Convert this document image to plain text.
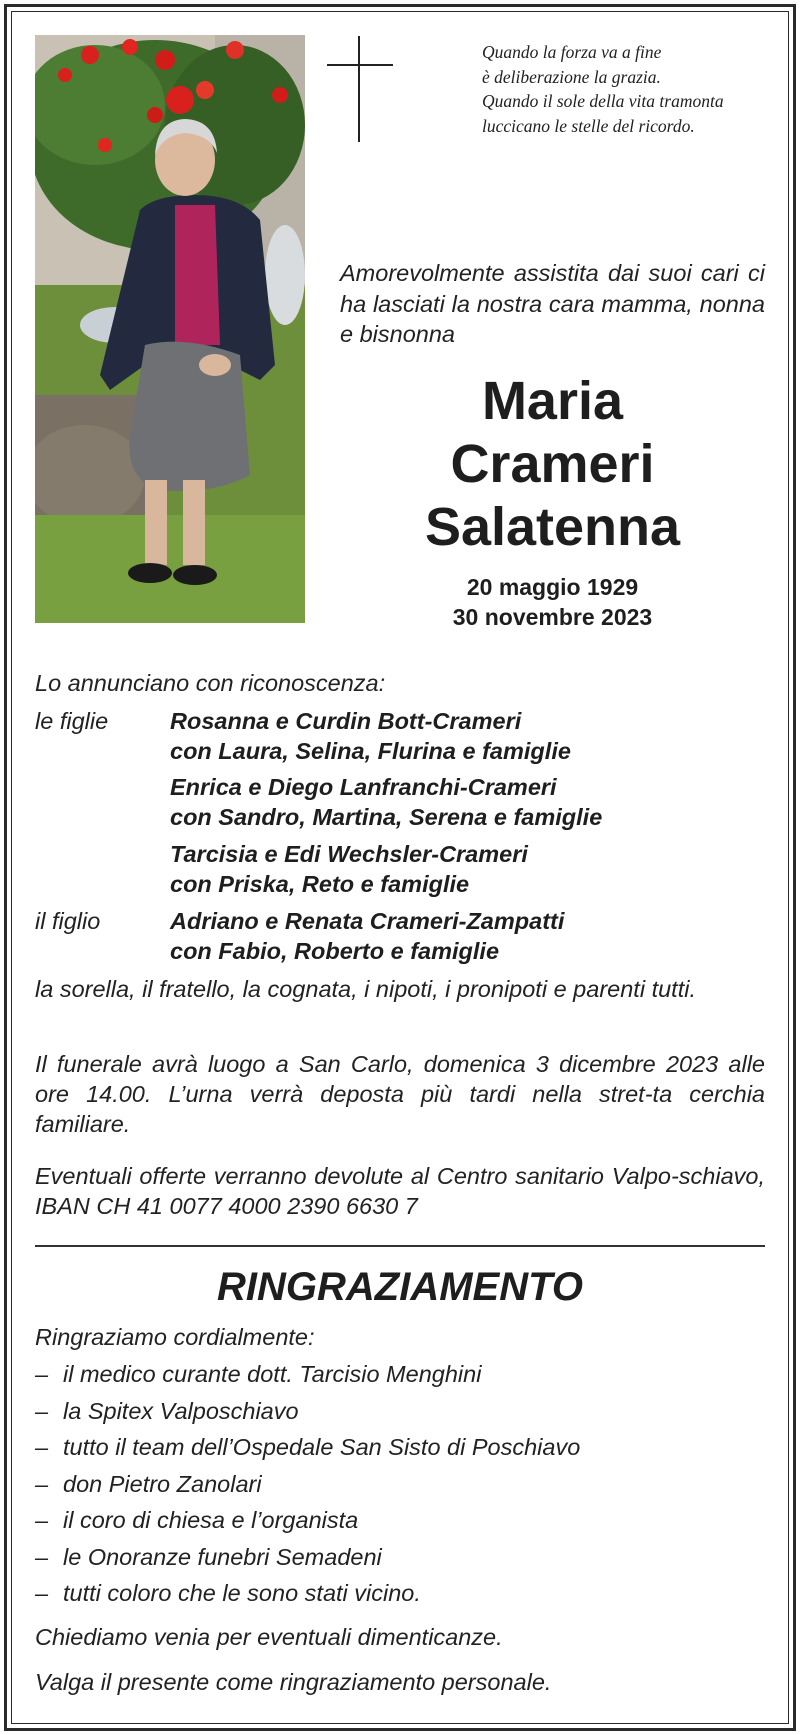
Quando la forza va a fine
è deliberazione la grazia.
Quando il sole della vita tramonta
luccicano le stelle del ricordo.
Amorevolmente assistita dai suoi cari ci ha lasciati la nostra cara mamma, nonna e bisnonna
Maria
Crameri
Salatenna
20 maggio 1929
30 novembre 2023
Lo annunciano con riconoscenza:
le figlie	Rosanna e Curdin Bott-Crameri
con Laura, Selina, Flurina e famiglie
Enrica e Diego Lanfranchi-Crameri
con Sandro, Martina, Serena e famiglie
Tarcisia e Edi Wechsler-Crameri
con Priska, Reto e famiglie
il figlio	Adriano e Renata Crameri-Zampatti
con Fabio, Roberto e famiglie
la sorella, il fratello, la cognata, i nipoti, i pronipoti e parenti tutti.
Il funerale avrà luogo a San Carlo, domenica 3 dicembre 2023 alle ore 14.00. L’urna verrà deposta più tardi nella stret-ta cerchia familiare.
Eventuali offerte verranno devolute al Centro sanitario Valpo-schiavo, IBAN CH 41 0077 4000 2390 6630 7
RINGRAZIAMENTO
Ringraziamo cordialmente:
– il medico curante dott. Tarcisio Menghini
– la Spitex Valposchiavo
– tutto il team dell’Ospedale San Sisto di Poschiavo
– don Pietro Zanolari
– il coro di chiesa e l’organista
– le Onoranze funebri Semadeni
– tutti coloro che le sono stati vicino.
Chiediamo venia per eventuali dimenticanze.
Valga il presente come ringraziamento personale.
